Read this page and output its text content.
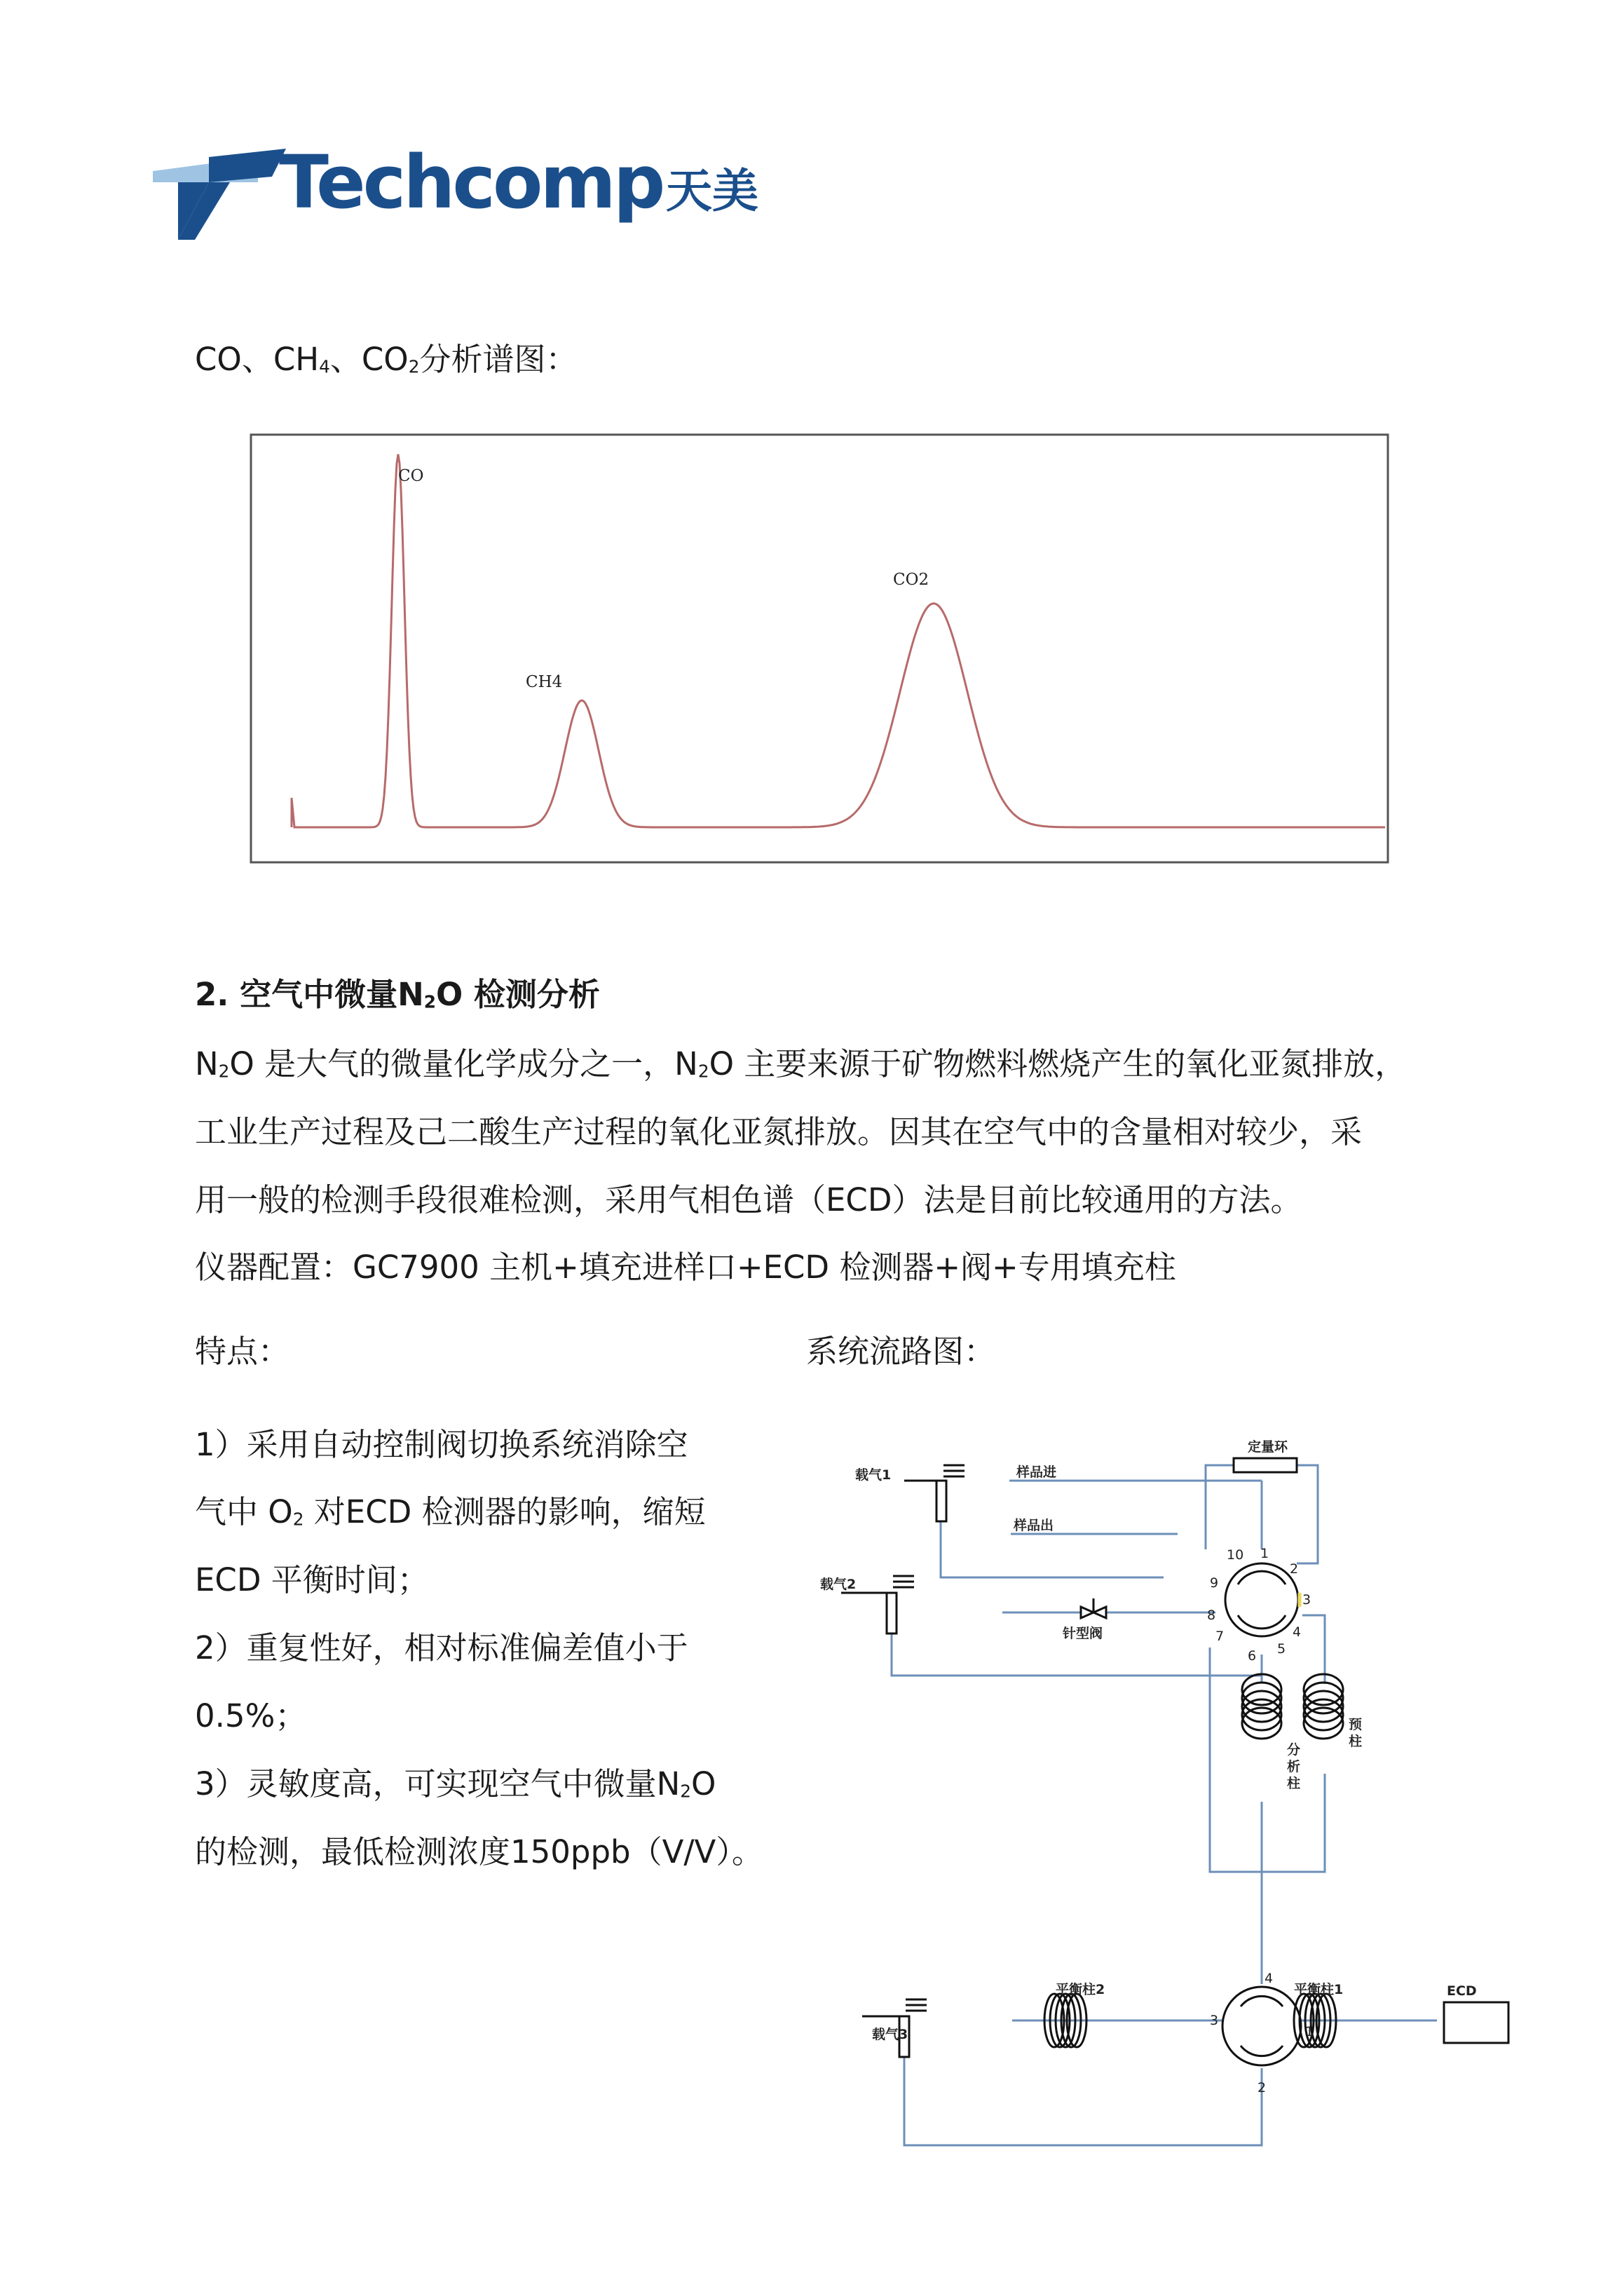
Techcomp 天美
CO、$CH_4$、$CO_2$分析谱图：
CO
CH4
CO2
2. 空气中微量$N_2O$ 检测分析
$N_2O$ 是大气的微量化学成分之一，$N_2O$ 主要来源于矿物燃料燃烧产生的氧化亚氮排放，
工业生产过程及己二酸生产过程的氧化亚氮排放。因其在空气中的含量相对较少，采
用一般的检测手段很难检测，采用气相色谱（ECD）法是目前比较通用的方法。
仪器配置：GC7900 主机+填充进样口+ECD 检测器+阀+专用填充柱
特点：
1）采用自动控制阀切换系统消除空
气中 $O_2$ 对ECD 检测器的影响，缩短
ECD 平衡时间；
2）重复性好，相对标准偏差值小于
0.5%；
3）灵敏度高，可实现空气中微量$N_2O$
的检测，最低检测浓度150ppb（V/V）。
系统流路图：
载气1
载气2
载气3
定量环
样品进
样品出
针型阀
分
析
柱
预
柱
平衡柱2	平衡柱1	ECD
1
2
3
4
5
6
7
8
9
10
1
2
3
4
